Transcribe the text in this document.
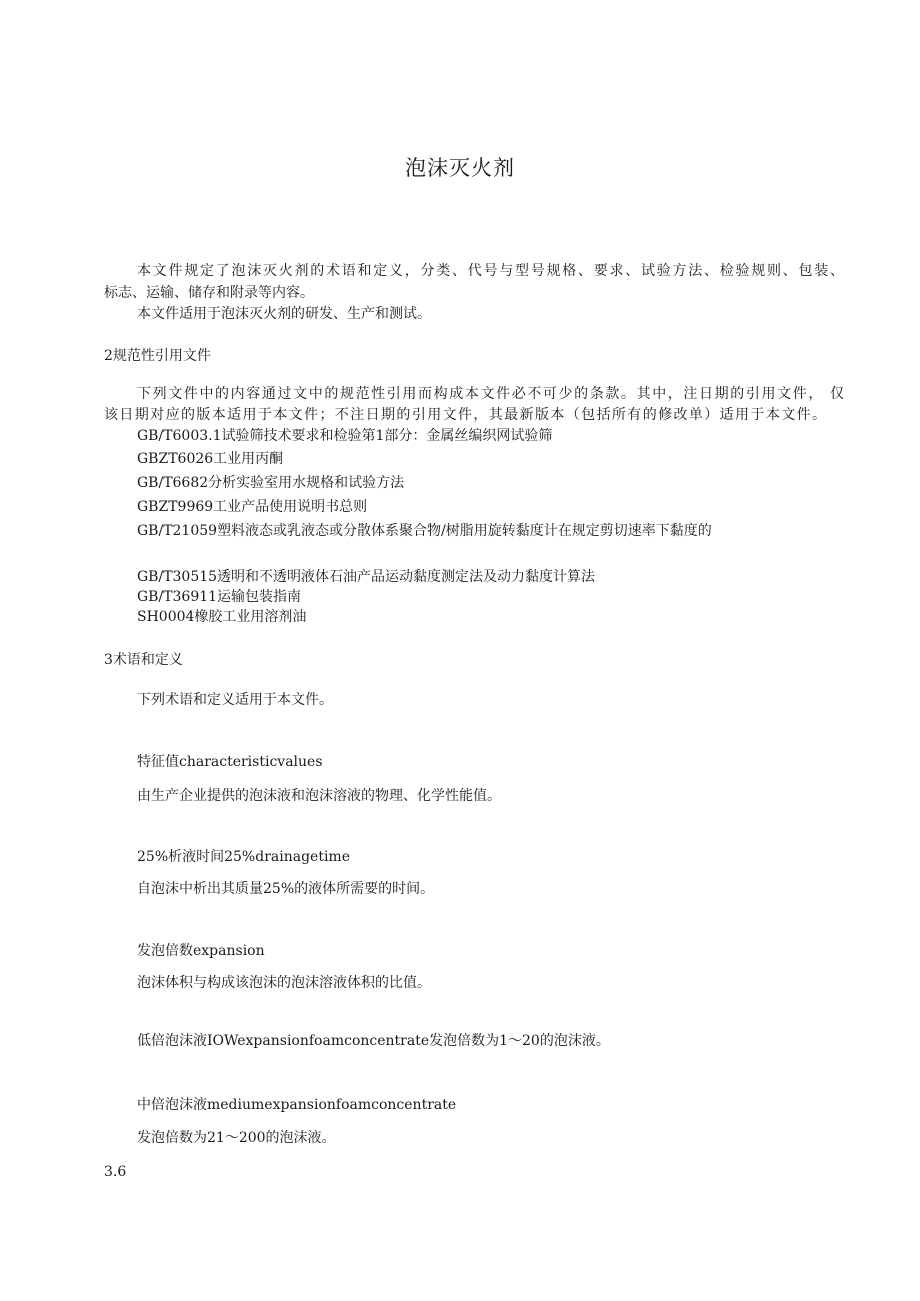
泡沫灭火剂
本文件规定了泡沫灭火剂的术语和定义，分类、代号与型号规格、要求、试验方法、检验规则、包装、
标志、运输、储存和附录等内容。
本文件适用于泡沫灭火剂的研发、生产和测试。
2规范性引用文件
下列文件中的内容通过文中的规范性引用而构成本文件必不可少的条款。其中，注日期的引用文件， 仅
该日期对应的版本适用于本文件；不注日期的引用文件，其最新版本（包括所有的修改单）适用于本文件。
GB/T6003.1试验筛技术要求和检验第1部分：金属丝编织网试验筛
GBZT6026工业用丙酮
GB/T6682分析实验室用水规格和试验方法
GBZT9969工业产品使用说明书总则
GB/T21059塑料液态或乳液态或分散体系聚合物/树脂用旋转黏度计在规定剪切速率下黏度的
GB/T30515透明和不透明液体石油产品运动黏度测定法及动力黏度计算法
GB/T36911运输包装指南
SH0004橡胶工业用溶剂油
3术语和定义
下列术语和定义适用于本文件。
特征值characteristicvalues
由生产企业提供的泡沫液和泡沫溶液的物理、化学性能值。
25%析液时间25%drainagetime
自泡沫中析出其质量25%的液体所需要的时间。
发泡倍数expansion
泡沫体积与构成该泡沫的泡沫溶液体积的比值。
低倍泡沫液IOWexpansionfoamconcentrate发泡倍数为1～20的泡沫液。
中倍泡沫液mediumexpansionfoamconcentrate
发泡倍数为21～200的泡沫液。
3.6
